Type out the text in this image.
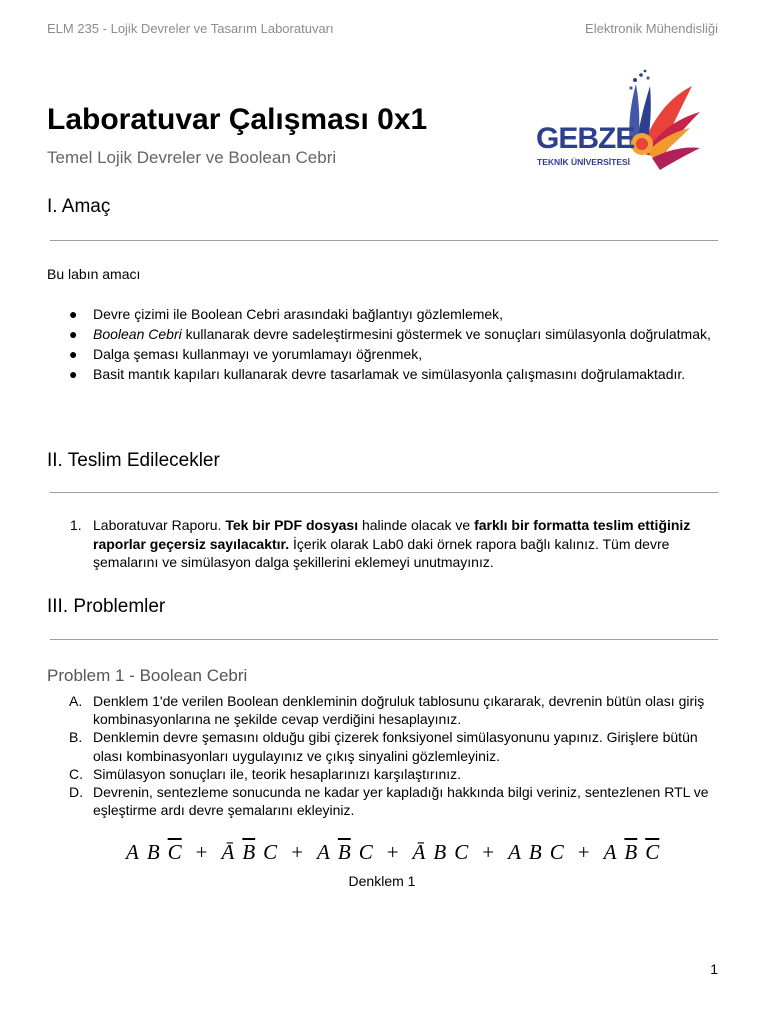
ELM 235 - Lojik Devreler ve Tasarım Laboratuvarı	Elektronik Mühendisliği
Laboratuvar Çalışması 0x1
Temel Lojik Devreler ve Boolean Cebri
GEBZE
TEKNİK ÜNİVERSİTESİ
I. Amaç
Bu labın amacı
● Devre çizimi ile Boolean Cebri arasındaki bağlantıyı gözlemlemek,
● Boolean Cebri kullanarak devre sadeleştirmesini göstermek ve sonuçları simülasyonla doğrulatmak,
● Dalga şeması kullanmayı ve yorumlamayı öğrenmek,
● Basit mantık kapıları kullanarak devre tasarlamak ve simülasyonla çalışmasını doğrulamaktadır.
II. Teslim Edilecekler
1. Laboratuvar Raporu. Tek bir PDF dosyası halinde olacak ve farklı bir formatta teslim ettiğiniz raporlar geçersiz sayılacaktır. İçerik olarak Lab0 daki örnek rapora bağlı kalınız. Tüm devre şemalarını ve simülasyon dalga şekillerini eklemeyi unutmayınız.
III. Problemler
Problem 1 - Boolean Cebri
A. Denklem 1'de verilen Boolean denkleminin doğruluk tablosunu çıkararak, devrenin bütün olası giriş kombinasyonlarına ne şekilde cevap verdiğini hesaplayınız.
B. Denklemin devre şemasını olduğu gibi çizerek fonksiyonel simülasyonunu yapınız. Girişlere bütün olası kombinasyonları uygulayınız ve çıkış sinyalini gözlemleyiniz.
C. Simülasyon sonuçları ile, teorik hesaplarınızı karşılaştırınız.
D. Devrenin, sentezleme sonucunda ne kadar yer kapladığı hakkında bilgi veriniz, sentezlenen RTL ve eşleştirme ardı devre şemalarını ekleyiniz.
A B $\overline{C}$ + Ā $\overline{B}$ C + A $\overline{B}$ C + Ā B C + A B C + A $\overline{B}$ $\overline{C}$
Denklem 1
1
